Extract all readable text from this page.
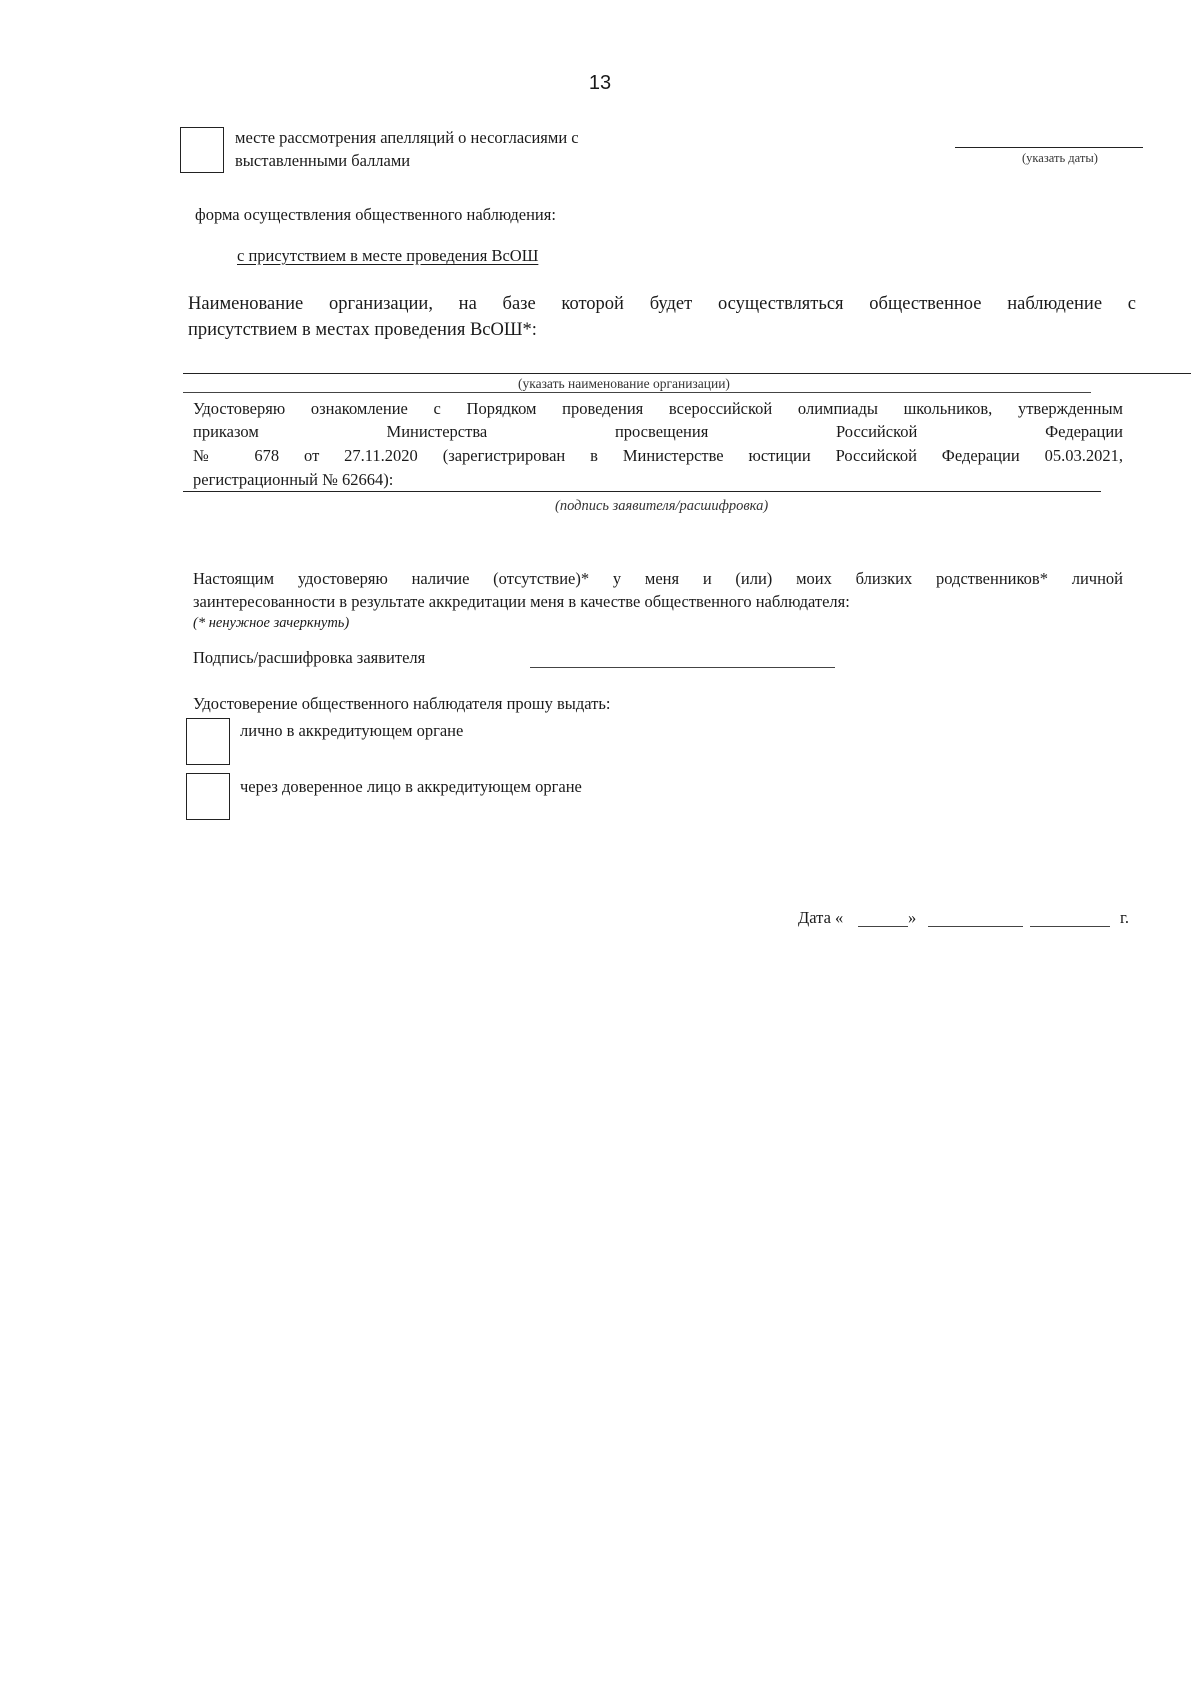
13
месте рассмотрения апелляций о несогласиями с
выставленными баллами	(указать даты)
форма осуществления общественного наблюдения:
с присутствием в месте проведения ВсОШ
Наименование организации, на базе которой будет осуществляться общественное наблюдение с
присутствием в местах проведения ВсОШ*:
(указать наименование организации)
Удостоверяю ознакомление с Порядком проведения всероссийской олимпиады школьников, утвержденным
приказом Министерства просвещения Российской Федерации
№ 678 от 27.11.2020 (зарегистрирован в Министерстве юстиции Российской Федерации 05.03.2021,
регистрационный № 62664):
(подпись заявителя/расшифровка)
Настоящим удостоверяю наличие (отсутствие)* у меня и (или) моих близких родственников* личной
заинтересованности в результате аккредитации меня в качестве общественного наблюдателя:
(* ненужное зачеркнуть)
Подпись/расшифровка заявителя
Удостоверение общественного наблюдателя прошу выдать:
лично в аккредитующем органе
через доверенное лицо в аккредитующем органе
Дата «	»	г.
